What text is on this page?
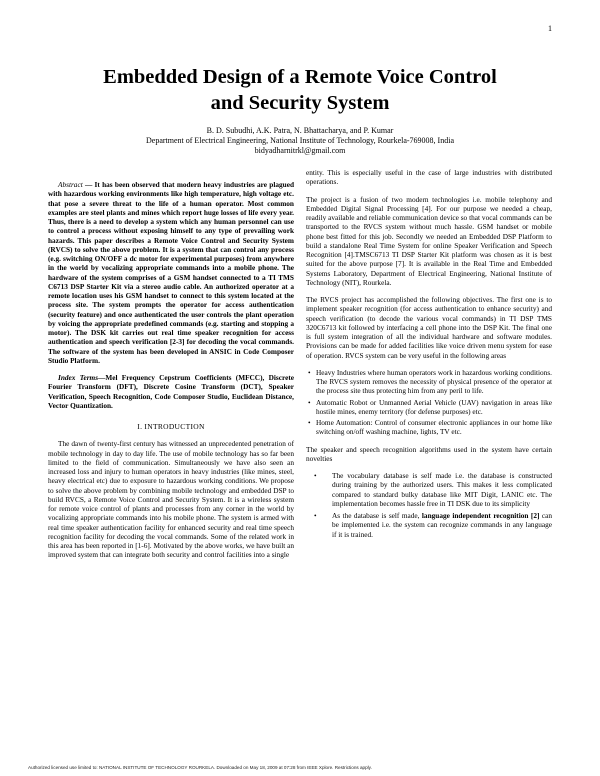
1
Embedded Design of a Remote Voice Control
and Security System
B. D. Subudhi, A.K. Patra, N. Bhattacharya, and P. Kumar
Department of Electrical Engineering, National Institute of Technology, Rourkela-769008, India
bidyadharnitrkl@gmail.com

Abstract — It has been observed that modern heavy industries are plagued with hazardous working environments like high temperature, high voltage etc. that pose a severe threat to the life of a human operator. Most common examples are steel plants and mines which report huge losses of life every year. Thus, there is a need to develop a system which any human personnel can use to control a process without exposing himself to any type of prevailing work hazards. This paper describes a Remote Voice Control and Security System (RVCS) to solve the above problem. It is a system that can control any process (e.g. switching ON/OFF a dc motor for experimental purposes) from anywhere in the world by vocalizing appropriate commands into a mobile phone. The hardware of the system comprises of a GSM handset connected to a TI TMS C6713 DSP Starter Kit via a stereo audio cable. An authorized operator at a remote location uses his GSM handset to connect to this system located at the process site. The system prompts the operator for access authentication (security feature) and once authenticated the user controls the plant operation by voicing the appropriate predefined commands (e.g. starting and stopping a motor). The DSK kit carries out real time speaker recognition for access authentication and speech verification [2-3] for decoding the vocal commands. The software of the system has been developed in ANSIC in Code Composer Studio Platform.

Index Terms—Mel Frequency Cepstrum Coefficients (MFCC), Discrete Fourier Transform (DFT), Discrete Cosine Transform (DCT), Speaker Verification, Speech Recognition, Code Composer Studio, Euclidean Distance, Vector Quantization.

I. INTRODUCTION

The dawn of twenty-first century has witnessed an unprecedented penetration of mobile technology in day to day life. The use of mobile technology has so far been limited to the field of communication. Simultaneously we have also seen an increased loss and injury to human operators in heavy industries (like mines, steel, heavy electrical etc) due to exposure to hazardous working conditions. We propose to solve the above problem by combining mobile technology and embedded DSP to build RVCS, a Remote Voice Control and Security System. It is a wireless system for remote voice control of plants and processes from any corner in the world by vocalizing appropriate commands into his mobile phone. The system is armed with real time speaker authentication facility for enhanced security and real time speech recognition facility for decoding the vocal commands. Some of the related work in this area has been reported in [1-6]. Motivated by the above works, we have built an improved system that can integrate both security and control facilities into a single

entity. This is especially useful in the case of large industries with distributed operations.

The project is a fusion of two modern technologies i.e. mobile telephony and Embedded Digital Signal Processing [4]. For our purpose we needed a cheap, readily available and reliable communication device so that vocal commands can be transported to the RVCS system without much hassle. GSM handset or mobile phone best fitted for this job. Secondly we needed an Embedded DSP Platform to build a standalone Real Time System for online Speaker Verification and Speech Recognition [4].TMSC6713 TI DSP Starter Kit platform was chosen as it is best suited for the above purpose [7]. It is available in the Real Time and Embedded Systems Laboratory, Department of Electrical Engineering, National Institute of Technology (NIT), Rourkela.

The RVCS project has accomplished the following objectives. The first one is to implement speaker recognition (for access authentication to enhance security) and speech verification (to decode the various vocal commands) in TI DSP TMS 320C6713 kit followed by interfacing a cell phone into the DSP Kit. The final one is full system integration of all the individual hardware and software modules. Provisions can be made for added facilities like voice driven menu system for ease of operation. RVCS system can be very useful in the following areas

• Heavy Industries where human operators work in hazardous working conditions. The RVCS system removes the necessity of physical presence of the operator at the process site thus protecting him from any peril to life.
• Automatic Robot or Unmanned Aerial Vehicle (UAV) navigation in areas like hostile mines, enemy territory (for defense purposes) etc.
• Home Automation: Control of consumer electronic appliances in our home like switching on/off washing machine, lights, TV etc.

The speaker and speech recognition algorithms used in the system have certain novelties

• The vocabulary database is self made i.e. the database is constructed during training by the authorized users. This makes it less complicated compared to standard bulky database like MIT Digit, LANIC etc. The implementation becomes hassle free in TI DSK due to its simplicity
• As the database is self made, language independent recognition [2] can be implemented i.e. the system can recognize commands in any language if it is trained.
Authorized licensed use limited to: NATIONAL INSTITUTE OF TECHNOLOGY ROURKELA. Downloaded on May 18, 2009 at 07:28 from IEEE Xplore. Restrictions apply.
